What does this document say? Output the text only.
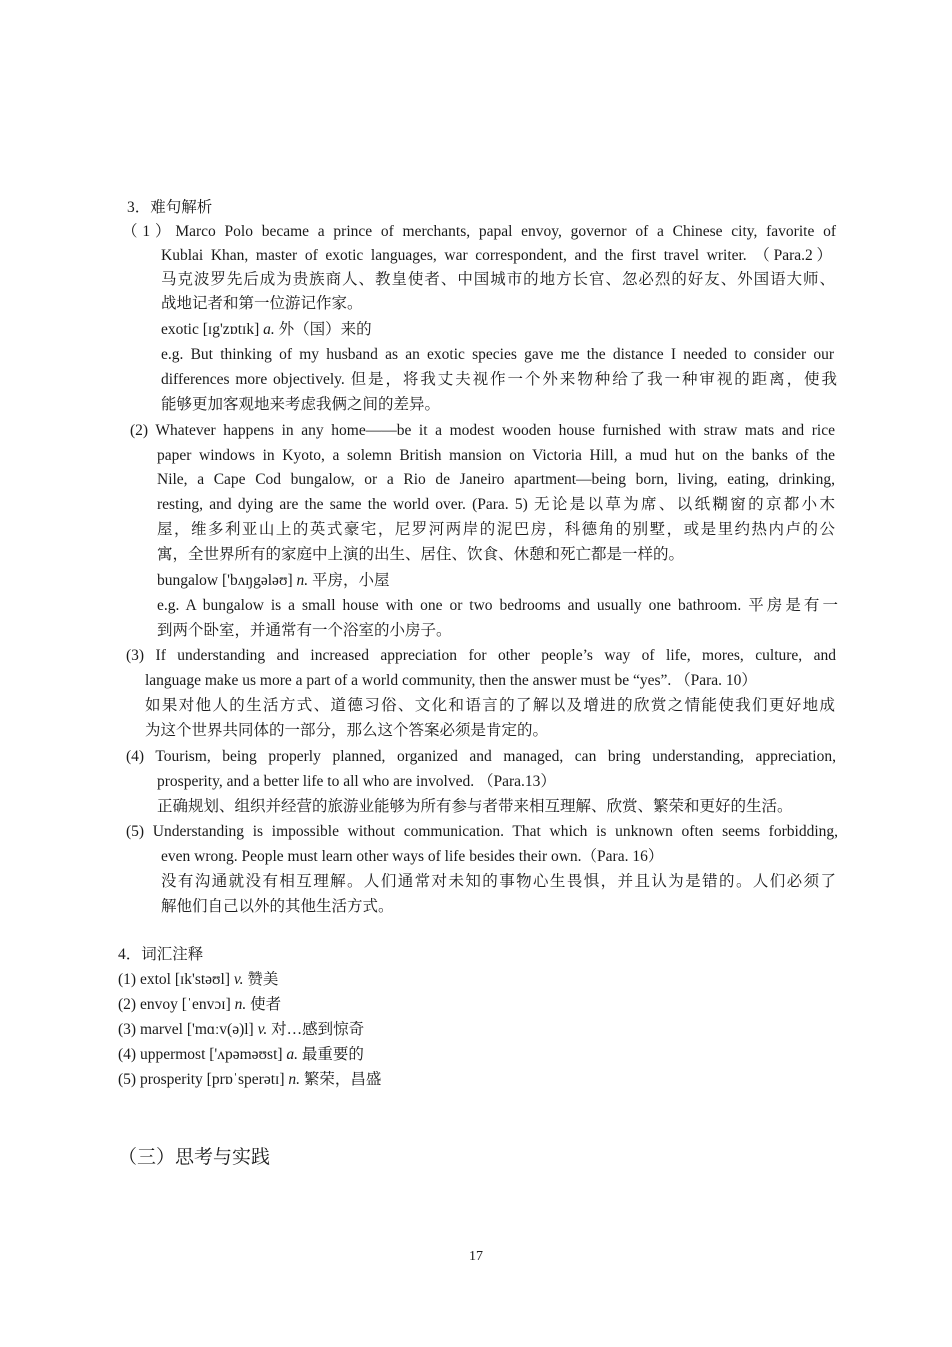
3．难句解析
（1）Marco Polo became a prince of merchants, papal envoy, governor of a Chinese city, favorite of
Kublai Khan, master of exotic languages, war correspondent, and the first travel writer. （Para.2）
马克波罗先后成为贵族商人、教皇使者、中国城市的地方长官、忽必烈的好友、外国语大师、
战地记者和第一位游记作家。
exotic [ɪg'zɒtɪk] a. 外（国）来的
e.g. But thinking of my husband as an exotic species gave me the distance I needed to consider our
differences more objectively. 但是，将我丈夫视作一个外来物种给了我一种审视的距离，使我
能够更加客观地来考虑我俩之间的差异。
(2) Whatever happens in any home——be it a modest wooden house furnished with straw mats and rice
paper windows in Kyoto, a solemn British mansion on Victoria Hill, a mud hut on the banks of the
Nile, a Cape Cod bungalow, or a Rio de Janeiro apartment—being born, living, eating, drinking,
resting, and dying are the same the world over. (Para. 5) 无论是以草为席、以纸糊窗的京都小木
屋，维多利亚山上的英式豪宅，尼罗河两岸的泥巴房，科德角的别墅，或是里约热内卢的公
寓，全世界所有的家庭中上演的出生、居住、饮食、休憩和死亡都是一样的。
bungalow ['bʌŋgələʊ] n. 平房，小屋
e.g. A bungalow is a small house with one or two bedrooms and usually one bathroom. 平房是有一
到两个卧室，并通常有一个浴室的小房子。
(3) If understanding and increased appreciation for other people’s way of life, mores, culture, and
language make us more a part of a world community, then the answer must be “yes”. （Para. 10）
如果对他人的生活方式、道德习俗、文化和语言的了解以及增进的欣赏之情能使我们更好地成
为这个世界共同体的一部分，那么这个答案必须是肯定的。
(4) Tourism, being properly planned, organized and managed, can bring understanding, appreciation,
prosperity, and a better life to all who are involved. （Para.13）
正确规划、组织并经营的旅游业能够为所有参与者带来相互理解、欣赏、繁荣和更好的生活。
(5) Understanding is impossible without communication. That which is unknown often seems forbidding,
even wrong. People must learn other ways of life besides their own.（Para. 16）
没有沟通就没有相互理解。人们通常对未知的事物心生畏惧，并且认为是错的。人们必须了
解他们自己以外的其他生活方式。
4．词汇注释
(1) extol [ɪk'stəʊl] v. 赞美
(2) envoy [ˈenvɔɪ] n. 使者
(3) marvel ['mɑːv(ə)l] v. 对…感到惊奇
(4) uppermost ['ʌpəməʊst] a. 最重要的
(5) prosperity [prɒˈsperətɪ] n. 繁荣，昌盛
（三）思考与实践
17
